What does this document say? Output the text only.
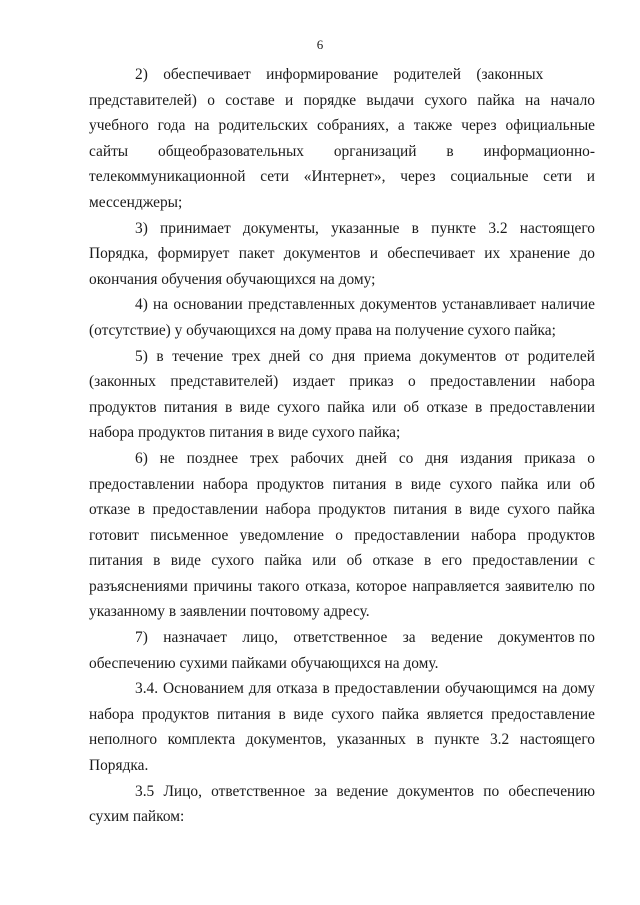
6

2) обеспечивает информирование родителей (законных представителей) о составе и порядке выдачи сухого пайка на начало учебного года на родительских собраниях, а также через официальные сайты общеобразовательных организаций в информационно-телекоммуникационной сети «Интернет», через социальные сети и мессенджеры;

3) принимает документы, указанные в пункте 3.2 настоящего Порядка, формирует пакет документов и обеспечивает их хранение до окончания обучения обучающихся на дому;

4) на основании представленных документов устанавливает наличие (отсутствие) у обучающихся на дому права на получение сухого пайка;

5) в течение трех дней со дня приема документов от родителей (законных представителей) издает приказ о предоставлении набора продуктов питания в виде сухого пайка или об отказе в предоставлении набора продуктов питания в виде сухого пайка;

6) не позднее трех рабочих дней со дня издания приказа о предоставлении набора продуктов питания в виде сухого пайка или об отказе в предоставлении набора продуктов питания в виде сухого пайка готовит письменное уведомление о предоставлении набора продуктов питания в виде сухого пайка или об отказе в его предоставлении с разъяснениями причины такого отказа, которое направляется заявителю по указанному в заявлении почтовому адресу.

7) назначает лицо, ответственное за ведение документов по обеспечению сухими пайками обучающихся на дому.

3.4. Основанием для отказа в предоставлении обучающимся на дому набора продуктов питания в виде сухого пайка является предоставление неполного комплекта документов, указанных в пункте 3.2 настоящего Порядка.

3.5 Лицо, ответственное за ведение документов по обеспечению сухим пайком:
